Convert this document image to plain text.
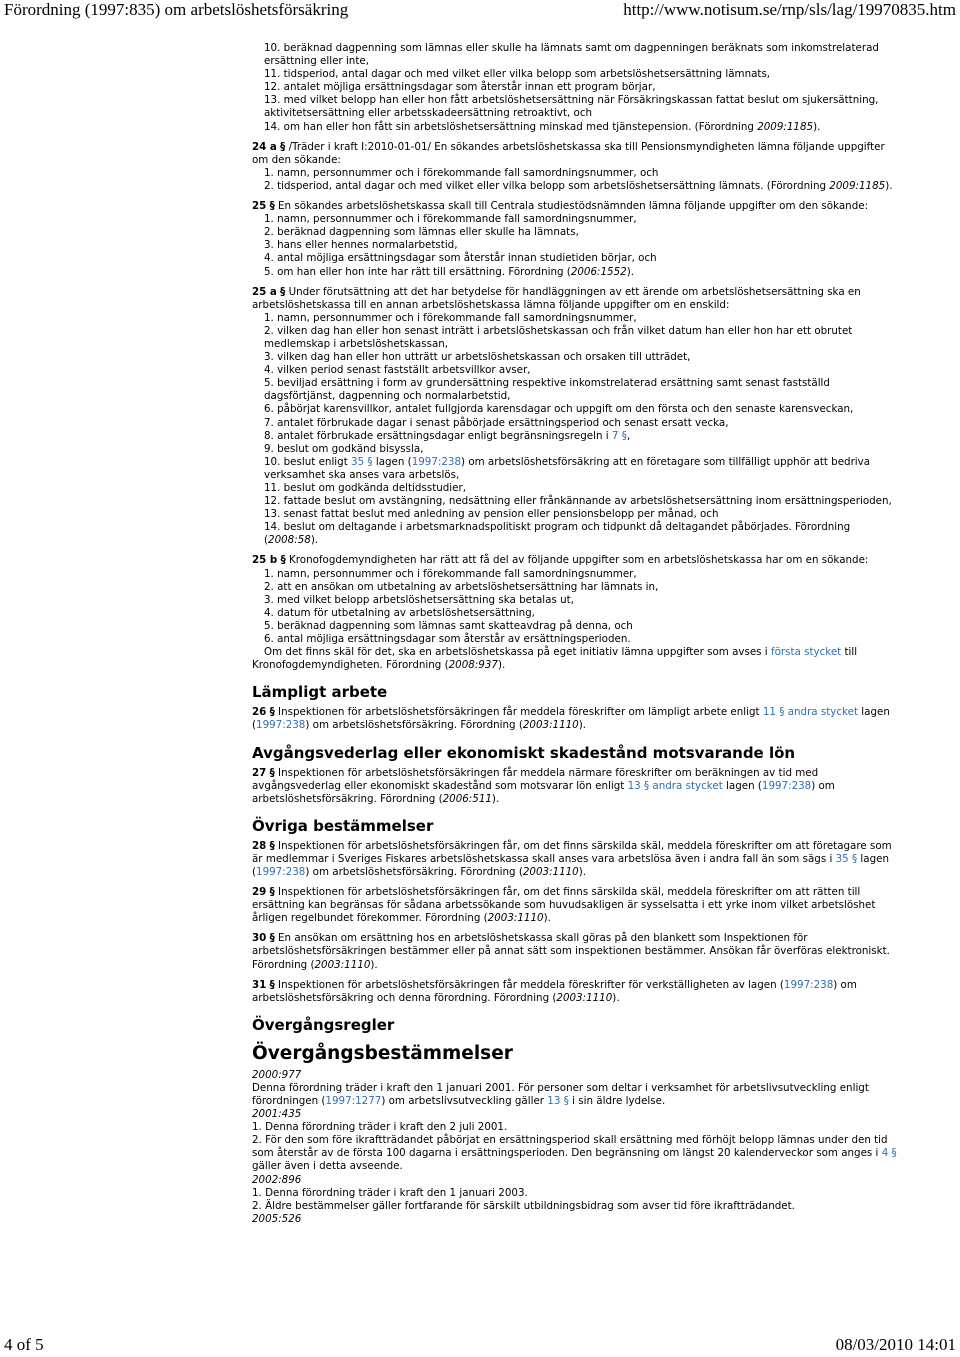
Förordning (1997:835) om arbetslöshetsförsäkring	http://www.notisum.se/rnp/sls/lag/19970835.htm

10. beräknad dagpenning som lämnas eller skulle ha lämnats samt om dagpenningen beräknats som inkomstrelaterad ersättning eller inte,

11. tidsperiod, antal dagar och med vilket eller vilka belopp som arbetslöshetsersättning lämnats,

12. antalet möjliga ersättningsdagar som återstår innan ett program börjar,

13. med vilket belopp han eller hon fått arbetslöshetsersättning när Försäkringskassan fattat beslut om sjukersättning, aktivitetsersättning eller arbetsskadeersättning retroaktivt, och

14. om han eller hon fått sin arbetslöshetsersättning minskad med tjänstepension. (Förordning 2009:1185).

24 a § /Träder i kraft I:2010-01-01/ En sökandes arbetslöshetskassa ska till Pensionsmyndigheten lämna följande uppgifter om den sökande:

1. namn, personnummer och i förekommande fall samordningsnummer, och

2. tidsperiod, antal dagar och med vilket eller vilka belopp som arbetslöshetsersättning lämnats. (Förordning 2009:1185).

25 § En sökandes arbetslöshetskassa skall till Centrala studiestödsnämnden lämna följande uppgifter om den sökande:

1. namn, personnummer och i förekommande fall samordningsnummer,

2. beräknad dagpenning som lämnas eller skulle ha lämnats,

3. hans eller hennes normalarbetstid,

4. antal möjliga ersättningsdagar som återstår innan studietiden börjar, och

5. om han eller hon inte har rätt till ersättning. Förordning (2006:1552).

25 a § Under förutsättning att det har betydelse för handläggningen av ett ärende om arbetslöshetsersättning ska en arbetslöshetskassa till en annan arbetslöshetskassa lämna följande uppgifter om en enskild:

1. namn, personnummer och i förekommande fall samordningsnummer,

2. vilken dag han eller hon senast inträtt i arbetslöshetskassan och från vilket datum han eller hon har ett obrutet medlemskap i arbetslöshetskassan,

3. vilken dag han eller hon utträtt ur arbetslöshetskassan och orsaken till utträdet,

4. vilken period senast fastställt arbetsvillkor avser,

5. beviljad ersättning i form av grundersättning respektive inkomstrelaterad ersättning samt senast fastställd dagsförtjänst, dagpenning och normalarbetstid,

6. påbörjat karensvillkor, antalet fullgjorda karensdagar och uppgift om den första och den senaste karensveckan,

7. antalet förbrukade dagar i senast påbörjade ersättningsperiod och senast ersatt vecka,

8. antalet förbrukade ersättningsdagar enligt begränsningsregeln i 7 §,

9. beslut om godkänd bisyssla,

10. beslut enligt 35 § lagen (1997:238) om arbetslöshetsförsäkring att en företagare som tillfälligt upphör att bedriva verksamhet ska anses vara arbetslös,

11. beslut om godkända deltidsstudier,

12. fattade beslut om avstängning, nedsättning eller frånkännande av arbetslöshetsersättning inom ersättningsperioden,

13. senast fattat beslut med anledning av pension eller pensionsbelopp per månad, och

14. beslut om deltagande i arbetsmarknadspolitiskt program och tidpunkt då deltagandet påbörjades. Förordning (2008:58).

25 b § Kronofogdemyndigheten har rätt att få del av följande uppgifter som en arbetslöshetskassa har om en sökande:

1. namn, personnummer och i förekommande fall samordningsnummer,

2. att en ansökan om utbetalning av arbetslöshetsersättning har lämnats in,

3. med vilket belopp arbetslöshetsersättning ska betalas ut,

4. datum för utbetalning av arbetslöshetsersättning,

5. beräknad dagpenning som lämnas samt skatteavdrag på denna, och

6. antal möjliga ersättningsdagar som återstår av ersättningsperioden.

Om det finns skäl för det, ska en arbetslöshetskassa på eget initiativ lämna uppgifter som avses i första stycket till Kronofogdemyndigheten. Förordning (2008:937).

Lämpligt arbete

26 § Inspektionen för arbetslöshetsförsäkringen får meddela föreskrifter om lämpligt arbete enligt 11 § andra stycket lagen (1997:238) om arbetslöshetsförsäkring. Förordning (2003:1110).

Avgångsvederlag eller ekonomiskt skadestånd motsvarande lön

27 § Inspektionen för arbetslöshetsförsäkringen får meddela närmare föreskrifter om beräkningen av tid med avgångsvederlag eller ekonomiskt skadestånd som motsvarar lön enligt 13 § andra stycket lagen (1997:238) om arbetslöshetsförsäkring. Förordning (2006:511).

Övriga bestämmelser

28 § Inspektionen för arbetslöshetsförsäkringen får, om det finns särskilda skäl, meddela föreskrifter om att företagare som är medlemmar i Sveriges Fiskares arbetslöshetskassa skall anses vara arbetslösa även i andra fall än som sägs i 35 § lagen (1997:238) om arbetslöshetsförsäkring. Förordning (2003:1110).

29 § Inspektionen för arbetslöshetsförsäkringen får, om det finns särskilda skäl, meddela föreskrifter om att rätten till ersättning kan begränsas för sådana arbetssökande som huvudsakligen är sysselsatta i ett yrke inom vilket arbetslöshet årligen regelbundet förekommer. Förordning (2003:1110).

30 § En ansökan om ersättning hos en arbetslöshetskassa skall göras på den blankett som Inspektionen för arbetslöshetsförsäkringen bestämmer eller på annat sätt som inspektionen bestämmer. Ansökan får överföras elektroniskt. Förordning (2003:1110).

31 § Inspektionen för arbetslöshetsförsäkringen får meddela föreskrifter för verkställigheten av lagen (1997:238) om arbetslöshetsförsäkring och denna förordning. Förordning (2003:1110).

Övergångsregler
Övergångsbestämmelser

2000:977

Denna förordning träder i kraft den 1 januari 2001. För personer som deltar i verksamhet för arbetslivsutveckling enligt förordningen (1997:1277) om arbetslivsutveckling gäller 13 § i sin äldre lydelse.

2001:435

1. Denna förordning träder i kraft den 2 juli 2001.

2. För den som före ikraftträdandet påbörjat en ersättningsperiod skall ersättning med förhöjt belopp lämnas under den tid som återstår av de första 100 dagarna i ersättningsperioden. Den begränsning om längst 20 kalenderveckor som anges i 4 § gäller även i detta avseende.

2002:896

1. Denna förordning träder i kraft den 1 januari 2003.

2. Äldre bestämmelser gäller fortfarande för särskilt utbildningsbidrag som avser tid före ikraftträdandet.

2005:526

4 of 5	08/03/2010 14:01
